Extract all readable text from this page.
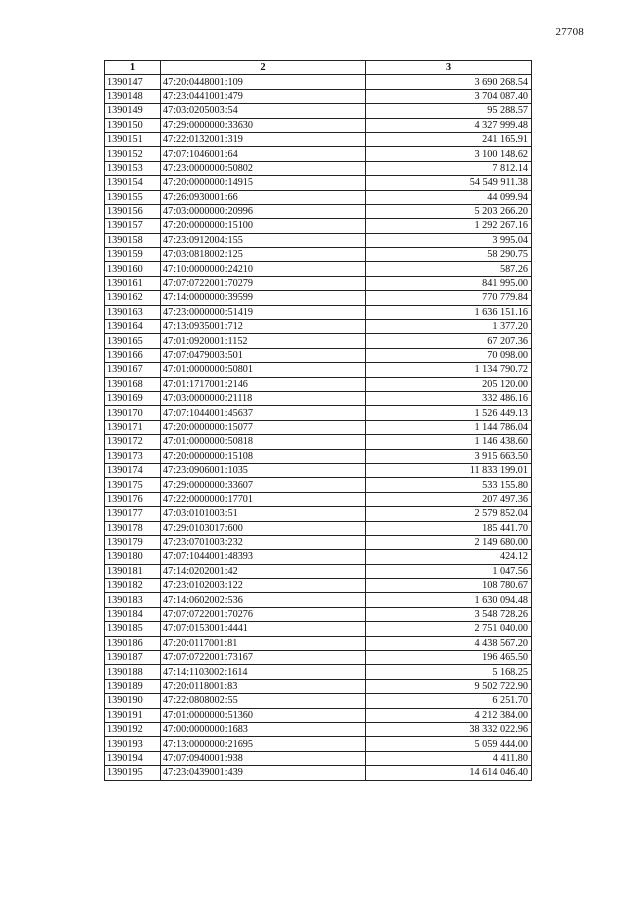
27708
1	2	3
1390147	47:20:0448001:109	3 690 268.54
1390148	47:23:0441001:479	3 704 087.40
1390149	47:03:0205003:54	95 288.57
1390150	47:29:0000000:33630	4 327 999.48
1390151	47:22:0132001:319	241 165.91
1390152	47:07:1046001:64	3 100 148.62
1390153	47:23:0000000:50802	7 812.14
1390154	47:20:0000000:14915	54 549 911.38
1390155	47:26:0930001:66	44 099.94
1390156	47:03:0000000:20996	5 203 266.20
1390157	47:20:0000000:15100	1 292 267.16
1390158	47:23:0912004:155	3 995.04
1390159	47:03:0818002:125	58 290.75
1390160	47:10:0000000:24210	587.26
1390161	47:07:0722001:70279	841 995.00
1390162	47:14:0000000:39599	770 779.84
1390163	47:23:0000000:51419	1 636 151.16
1390164	47:13:0935001:712	1 377.20
1390165	47:01:0920001:1152	67 207.36
1390166	47:07:0479003:501	70 098.00
1390167	47:01:0000000:50801	1 134 790.72
1390168	47:01:1717001:2146	205 120.00
1390169	47:03:0000000:21118	332 486.16
1390170	47:07:1044001:45637	1 526 449.13
1390171	47:20:0000000:15077	1 144 786.04
1390172	47:01:0000000:50818	1 146 438.60
1390173	47:20:0000000:15108	3 915 663.50
1390174	47:23:0906001:1035	11 833 199.01
1390175	47:29:0000000:33607	533 155.80
1390176	47:22:0000000:17701	207 497.36
1390177	47:03:0101003:51	2 579 852.04
1390178	47:29:0103017:600	185 441.70
1390179	47:23:0701003:232	2 149 680.00
1390180	47:07:1044001:48393	424.12
1390181	47:14:0202001:42	1 047.56
1390182	47:23:0102003:122	108 780.67
1390183	47:14:0602002:536	1 630 094.48
1390184	47:07:0722001:70276	3 548 728.26
1390185	47:07:0153001:4441	2 751 040.00
1390186	47:20:0117001:81	4 438 567.20
1390187	47:07:0722001:73167	196 465.50
1390188	47:14:1103002:1614	5 168.25
1390189	47:20:0118001:83	9 502 722.90
1390190	47:22:0808002:55	6 251.70
1390191	47:01:0000000:51360	4 212 384.00
1390192	47:00:0000000:1683	38 332 022.96
1390193	47:13:0000000:21695	5 059 444.00
1390194	47:07:0940001:938	4 411.80
1390195	47:23:0439001:439	14 614 046.40
